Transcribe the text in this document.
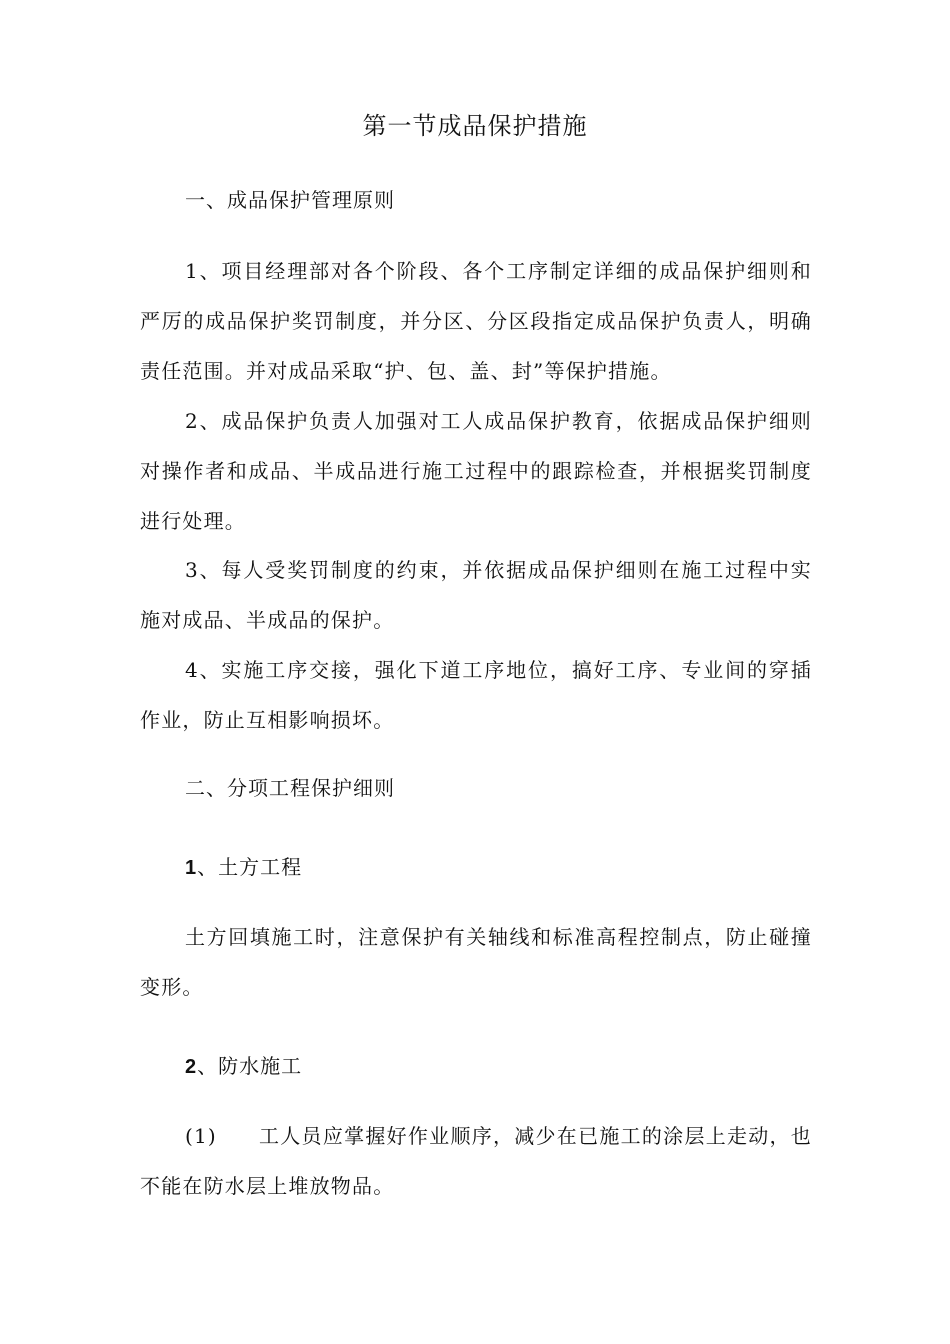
第一节成品保护措施
一、成品保护管理原则

1、项目经理部对各个阶段、各个工序制定详细的成品保护细则和严厉的成品保护奖罚制度，并分区、分区段指定成品保护负责人，明确责任范围。并对成品采取“护、包、盖、封”等保护措施。

2、成品保护负责人加强对工人成品保护教育，依据成品保护细则对操作者和成品、半成品进行施工过程中的跟踪检查，并根据奖罚制度进行处理。

3、每人受奖罚制度的约束，并依据成品保护细则在施工过程中实施对成品、半成品的保护。

4、实施工序交接，强化下道工序地位，搞好工序、专业间的穿插作业，防止互相影响损坏。

二、分项工程保护细则
1、土方工程

土方回填施工时，注意保护有关轴线和标准高程控制点，防止碰撞变形。

2、防水施工

(1) 工人员应掌握好作业顺序，减少在已施工的涂层上走动，也不能在防水层上堆放物品。
